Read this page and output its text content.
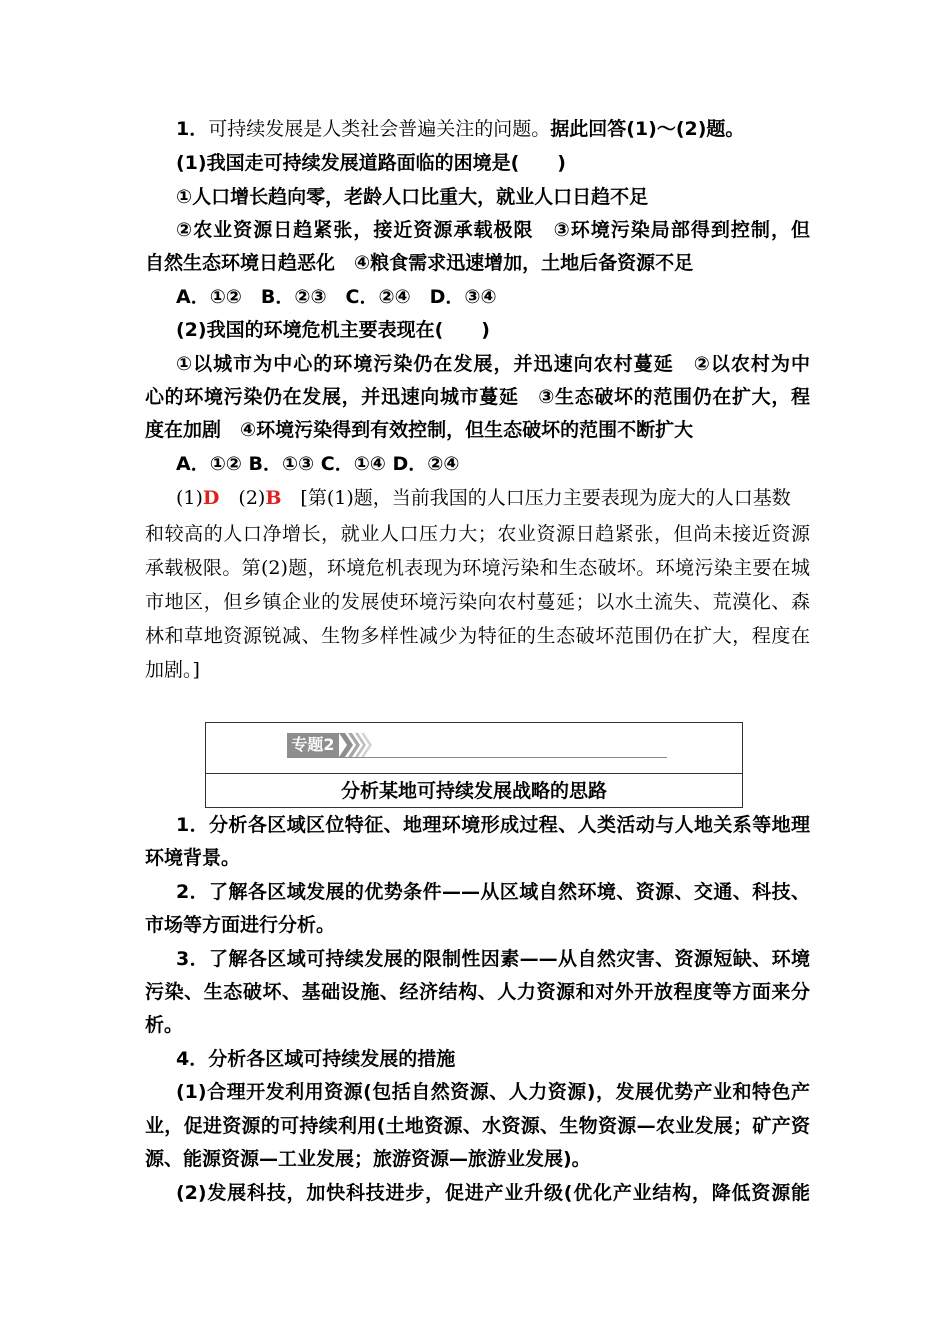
1．可持续发展是人类社会普遍关注的问题。据此回答(1)～(2)题。
(1)我国走可持续发展道路面临的困境是(　　)
①人口增长趋向零，老龄人口比重大，就业人口日趋不足
②农业资源日趋紧张，接近资源承载极限　③环境污染局部得到控制，但
自然生态环境日趋恶化　④粮食需求迅速增加，土地后备资源不足
A．①②　B．②③　C．②④　D．③④
(2)我国的环境危机主要表现在(　　)
①以城市为中心的环境污染仍在发展，并迅速向农村蔓延　②以农村为中
心的环境污染仍在发展，并迅速向城市蔓延　③生态破坏的范围仍在扩大，程
度在加剧　④环境污染得到有效控制，但生态破坏的范围不断扩大
A．①② B．①③ C．①④ D．②④
(1)D　 (2)B　 [第(1)题，当前我国的人口压力主要表现为庞大的人口基数
和较高的人口净增长，就业人口压力大；农业资源日趋紧张，但尚未接近资源
承载极限。第(2)题，环境危机表现为环境污染和生态破坏。环境污染主要在城
市地区，但乡镇企业的发展使环境污染向农村蔓延；以水土流失、荒漠化、森
林和草地资源锐减、生物多样性减少为特征的生态破坏范围仍在扩大，程度在
加剧。]
专题2
分析某地可持续发展战略的思路
1．分析各区域区位特征、地理环境形成过程、人类活动与人地关系等地理
环境背景。
2．了解各区域发展的优势条件——从区域自然环境、资源、交通、科技、
市场等方面进行分析。
3．了解各区域可持续发展的限制性因素——从自然灾害、资源短缺、环境
污染、生态破坏、基础设施、经济结构、人力资源和对外开放程度等方面来分
析。
4．分析各区域可持续发展的措施
(1)合理开发利用资源(包括自然资源、人力资源)，发展优势产业和特色产
业，促进资源的可持续利用(土地资源、水资源、生物资源—农业发展；矿产资
源、能源资源—工业发展；旅游资源—旅游业发展)。
(2)发展科技，加快科技进步，促进产业升级(优化产业结构，降低资源能
